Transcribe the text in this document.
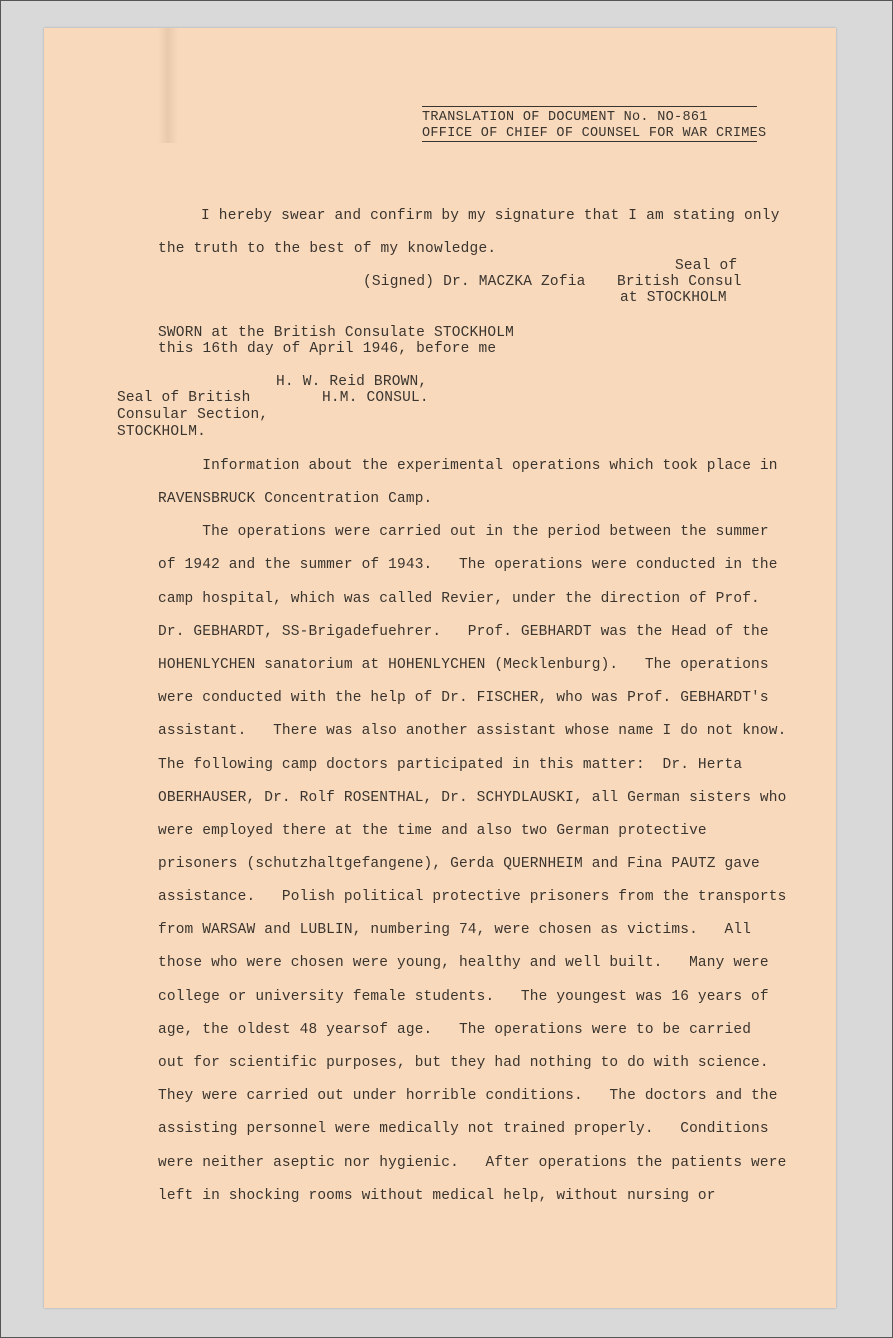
TRANSLATION OF DOCUMENT No. NO-861
OFFICE OF CHIEF OF COUNSEL FOR WAR CRIMES
I hereby swear and confirm by my signature that I am stating only
the truth to the best of my knowledge.
Seal of
British Consul
at STOCKHOLM
(Signed) Dr. MACZKA Zofia
SWORN at the British Consulate STOCKHOLM
this 16th day of April 1946, before me
H. W. Reid BROWN,
H.M. CONSUL.
Seal of British
Consular Section,
STOCKHOLM.
Information about the experimental operations which took place in
RAVENSBRUCK Concentration Camp.
The operations were carried out in the period between the summer
of 1942 and the summer of 1943.   The operations were conducted in the
camp hospital, which was called Revier, under the direction of Prof.
Dr. GEBHARDT, SS-Brigadefuehrer.   Prof. GEBHARDT was the Head of the
HOHENLYCHEN sanatorium at HOHENLYCHEN (Mecklenburg).   The operations
were conducted with the help of Dr. FISCHER, who was Prof. GEBHARDT's
assistant.   There was also another assistant whose name I do not know.
The following camp doctors participated in this matter:  Dr. Herta
OBERHAUSER, Dr. Rolf ROSENTHAL, Dr. SCHYDLAUSKI, all German sisters who
were employed there at the time and also two German protective
prisoners (schutzhaltgefangene), Gerda QUERNHEIM and Fina PAUTZ gave
assistance.   Polish political protective prisoners from the transports
from WARSAW and LUBLIN, numbering 74, were chosen as victims.   All
those who were chosen were young, healthy and well built.   Many were
college or university female students.   The youngest was 16 years of
age, the oldest 48 yearsof age.   The operations were to be carried
out for scientific purposes, but they had nothing to do with science.
They were carried out under horrible conditions.   The doctors and the
assisting personnel were medically not trained properly.   Conditions
were neither aseptic nor hygienic.   After operations the patients were
left in shocking rooms without medical help, without nursing or
